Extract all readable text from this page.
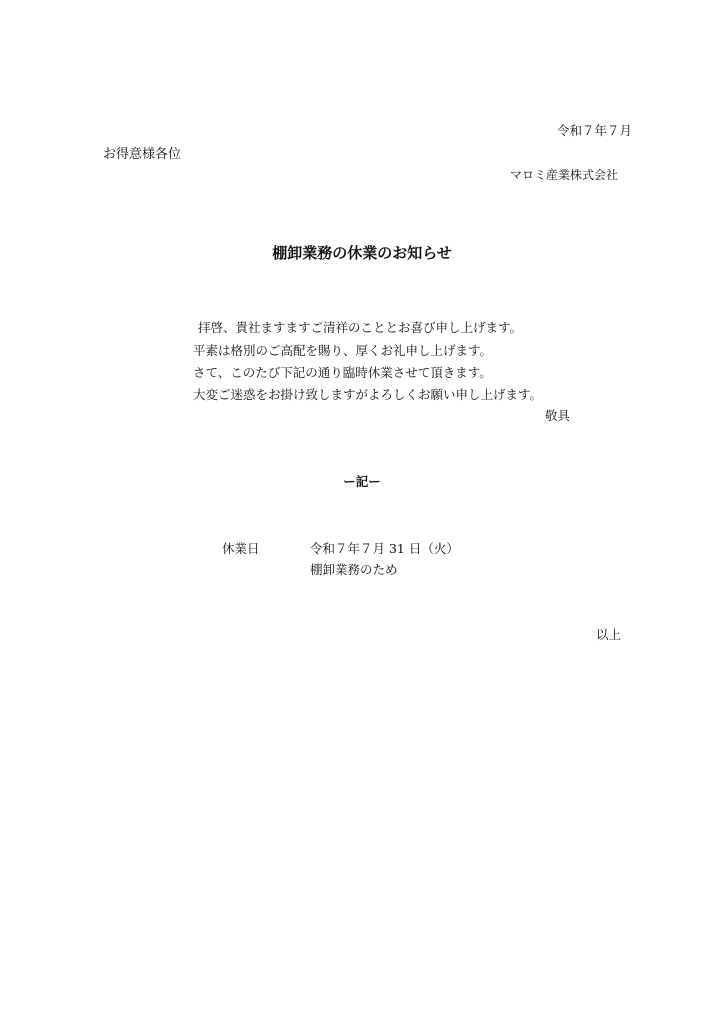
令和７年７月
お得意様各位
マロミ産業株式会社
棚卸業務の休業のお知らせ
拝啓、貴社ますますご清祥のこととお喜び申し上げます。
平素は格別のご高配を賜り、厚くお礼申し上げます。
さて、このたび下記の通り臨時休業させて頂きます。
大変ご迷惑をお掛け致しますがよろしくお願い申し上げます。
敬具
ー記ー
休業日	令和７年７月 31 日（火）
棚卸業務のため
以上
